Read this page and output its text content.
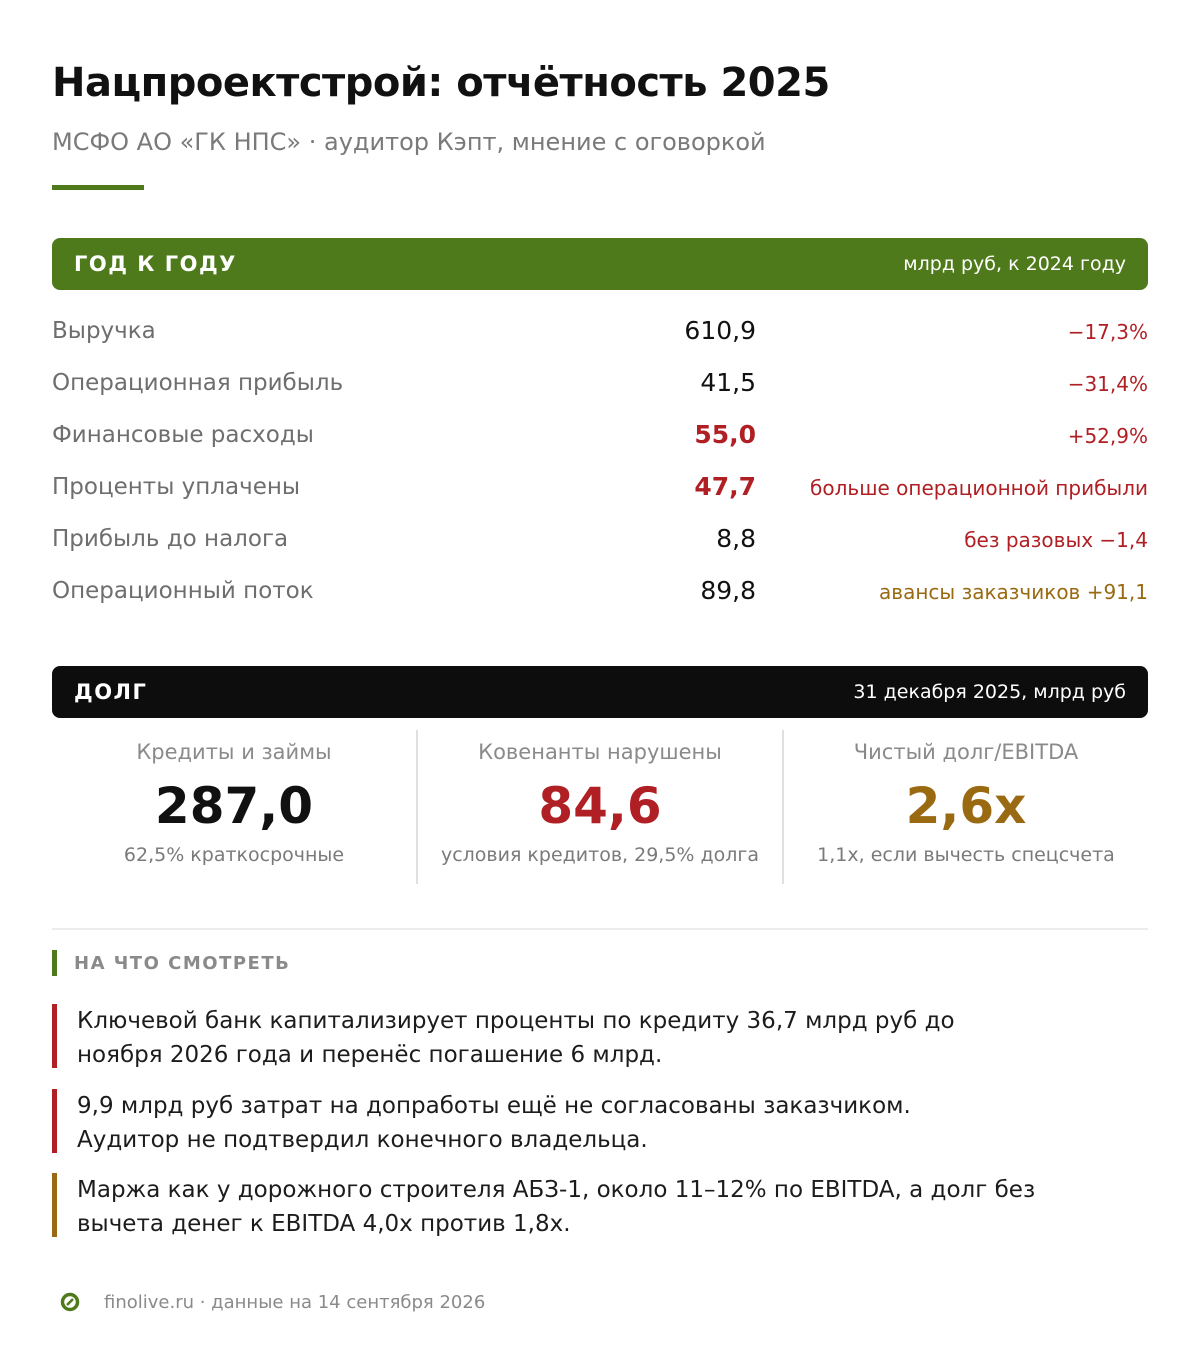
Нацпроектстрой: отчётность 2025
МСФО АО «ГК НПС» · аудитор Кэпт, мнение с оговоркой
ГОД К ГОДУ	млрд руб, к 2024 году
Выручка	610,9	−17,3%
Операционная прибыль	41,5	−31,4%
Финансовые расходы	55,0	+52,9%
Проценты уплачены	47,7	больше операционной прибыли
Прибыль до налога	8,8	без разовых −1,4
Операционный поток	89,8	авансы заказчиков +91,1
ДОЛГ	31 декабря 2025, млрд руб
Кредиты и займы
287,0
62,5% краткосрочные
Ковенанты нарушены
84,6
условия кредитов, 29,5% долга
Чистый долг/EBITDA
2,6x
1,1x, если вычесть спецсчета
НА ЧТО СМОТРЕТЬ
Ключевой банк капитализирует проценты по кредиту 36,7 млрд руб до
ноября 2026 года и перенёс погашение 6 млрд.
9,9 млрд руб затрат на допработы ещё не согласованы заказчиком.
Аудитор не подтвердил конечного владельца.
Маржа как у дорожного строителя АБЗ-1, около 11–12% по EBITDA, а долг без
вычета денег к EBITDA 4,0x против 1,8x.
finolive.ru · данные на 14 сентября 2026
